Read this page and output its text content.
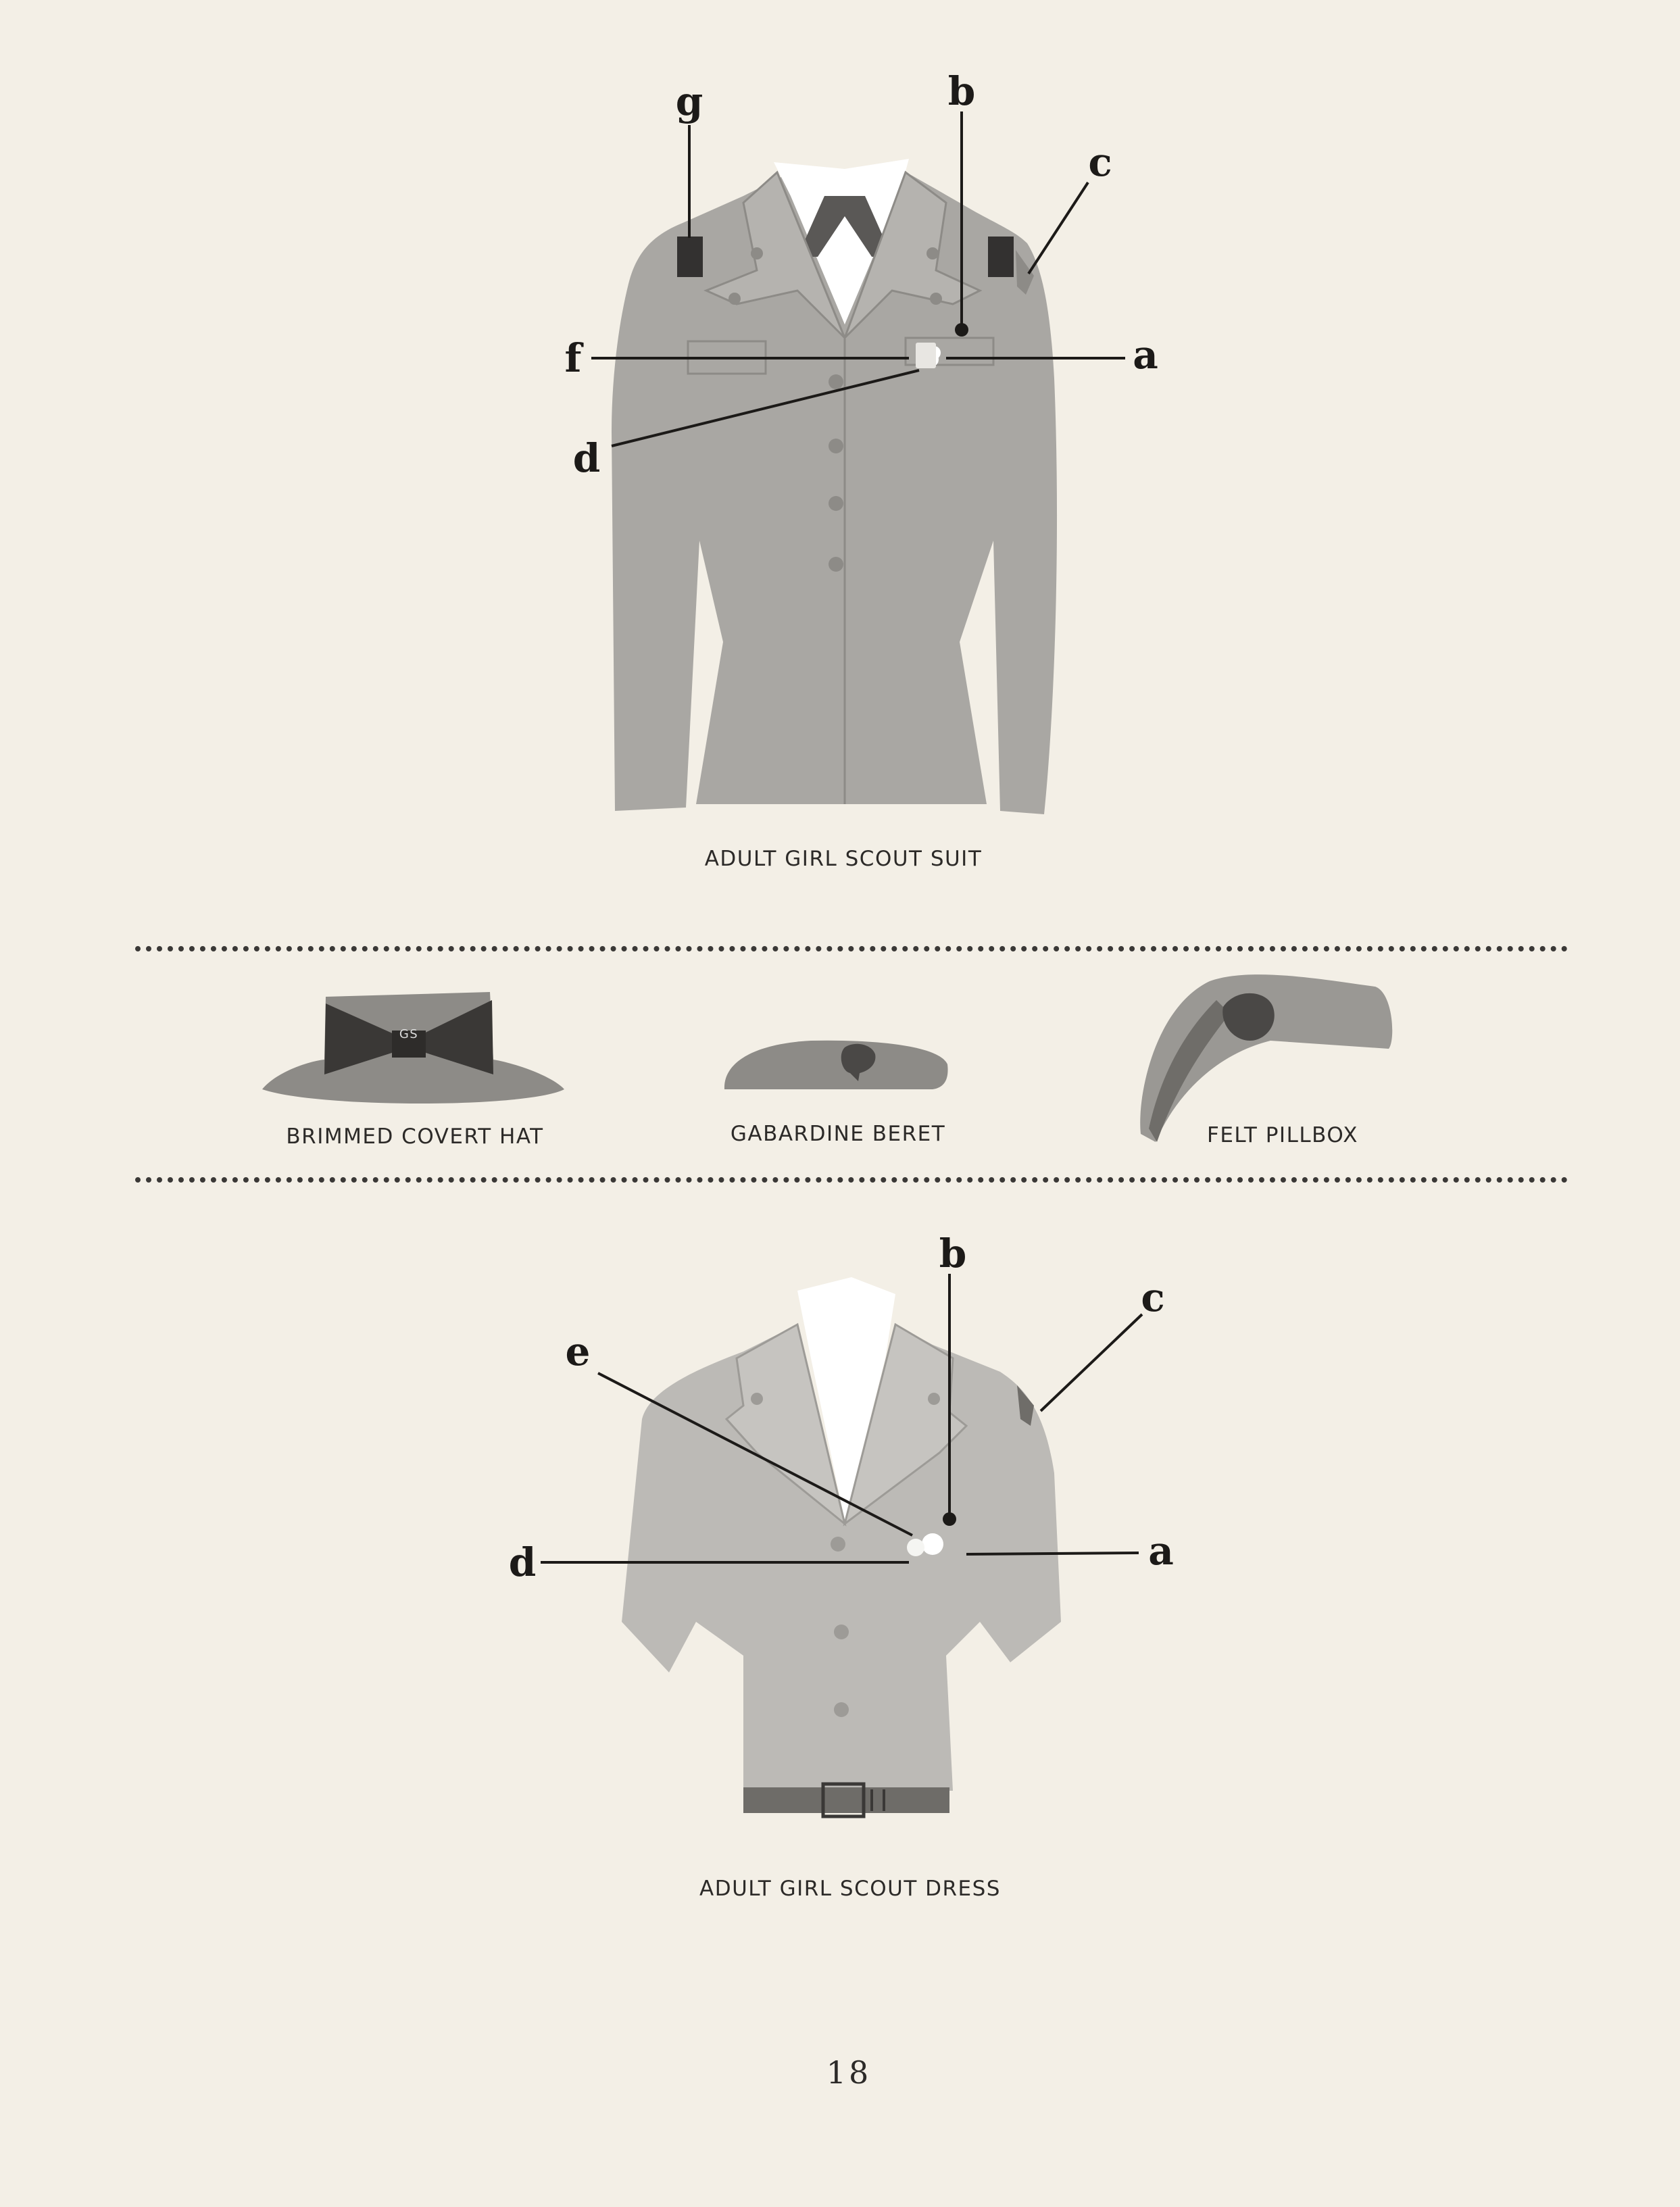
g	b
c
a
f
d
ADULT GIRL SCOUT SUIT
GS
BRIMMED COVERT HAT	GABARDINE BERET	FELT PILLBOX
b
c
e
d	a
ADULT GIRL SCOUT DRESS
18
